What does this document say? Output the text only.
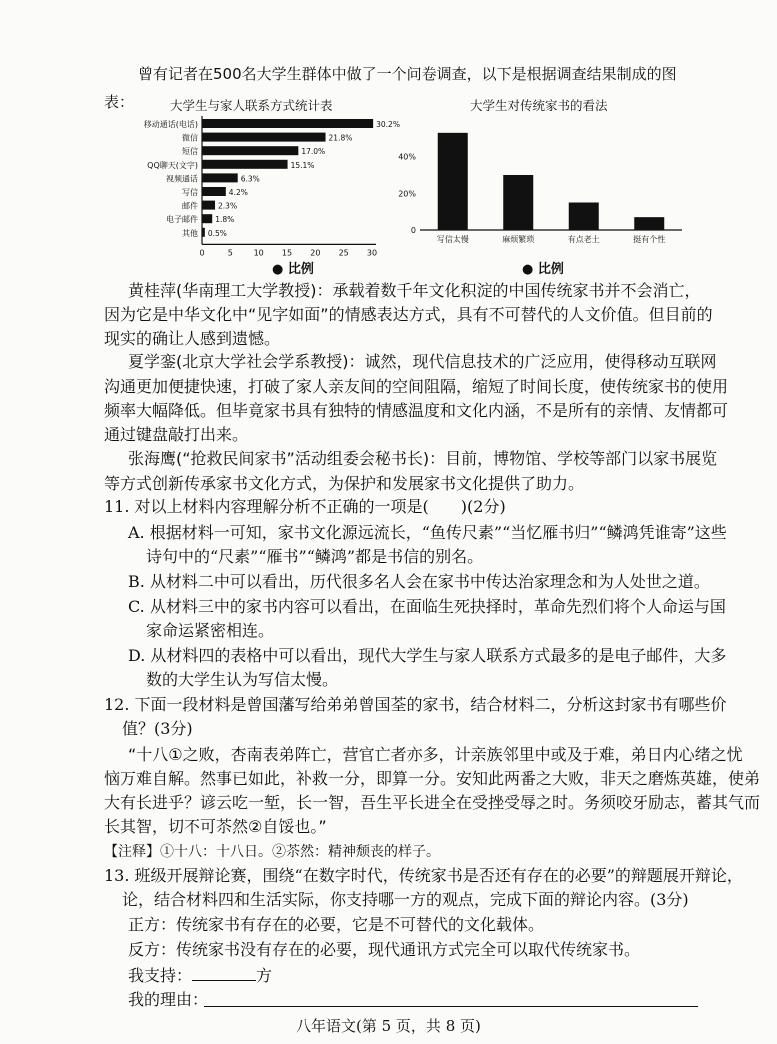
曾有记者在500名大学生群体中做了一个问卷调查，以下是根据调查结果制成的图
表：	大学生与家人联系方式统计表
移动通话(电话)	30.2%
微信	21.8%
短信	17.0%
QQ聊天(文字)	15.1%
视频通话	6.3%
写信	4.2%
邮件	2.3%
电子邮件 1.8%
其他 0.5%
0	5	10 15 20 25 30
● 比例
大学生对传统家书的看法
0
20%
40%
写信太慢	麻烦繁琐	有点老土	挺有个性
● 比例
黄桂萍(华南理工大学教授)：承载着数千年文化积淀的中国传统家书并不会消亡，
因为它是中华文化中“见字如面”的情感表达方式，具有不可替代的人文价值。但目前的
现实的确让人感到遗憾。
夏学銮(北京大学社会学系教授)：诚然，现代信息技术的广泛应用，使得移动互联网
沟通更加便捷快速，打破了家人亲友间的空间阻隔，缩短了时间长度，使传统家书的使用
频率大幅降低。但毕竟家书具有独特的情感温度和文化内涵，不是所有的亲情、友情都可
通过键盘敲打出来。
张海鹰(“抢救民间家书”活动组委会秘书长)：目前，博物馆、学校等部门以家书展览
等方式创新传承家书文化方式，为保护和发展家书文化提供了助力。
11. 对以上材料内容理解分析不正确的一项是(　　)(2分)
A. 根据材料一可知，家书文化源远流长，“鱼传尺素”“当忆雁书归”“鳞鸿凭谁寄”这些
诗句中的“尺素”“雁书”“鳞鸿”都是书信的别名。
B. 从材料二中可以看出，历代很多名人会在家书中传达治家理念和为人处世之道。
C. 从材料三中的家书内容可以看出，在面临生死抉择时，革命先烈们将个人命运与国
家命运紧密相连。
D. 从材料四的表格中可以看出，现代大学生与家人联系方式最多的是电子邮件，大多
数的大学生认为写信太慢。
12. 下面一段材料是曾国藩写给弟弟曾国荃的家书，结合材料二，分析这封家书有哪些价
值？(3分)
“十八①之败，杏南表弟阵亡，营官亡者亦多，计亲族邻里中或及于难，弟日内心绪之忧
恼万难自解。然事已如此，补救一分，即算一分。安知此两番之大败，非天之磨炼英雄，使弟
大有长进乎？谚云吃一堑，长一智，吾生平长进全在受挫受辱之时。务须咬牙励志，蓄其气而
长其智，切不可苶然②自馁也。”
【注释】①十八：十八日。②苶然：精神颓丧的样子。
13. 班级开展辩论赛，围绕“在数字时代，传统家书是否还有存在的必要”的辩题展开辩论，
论，结合材料四和生活实际，你支持哪一方的观点，完成下面的辩论内容。(3分)
正方：传统家书有存在的必要，它是不可替代的文化载体。
反方：传统家书没有存在的必要，现代通讯方式完全可以取代传统家书。
我支持：	方
我的理由：
八年语文(第 5 页，共 8 页)
